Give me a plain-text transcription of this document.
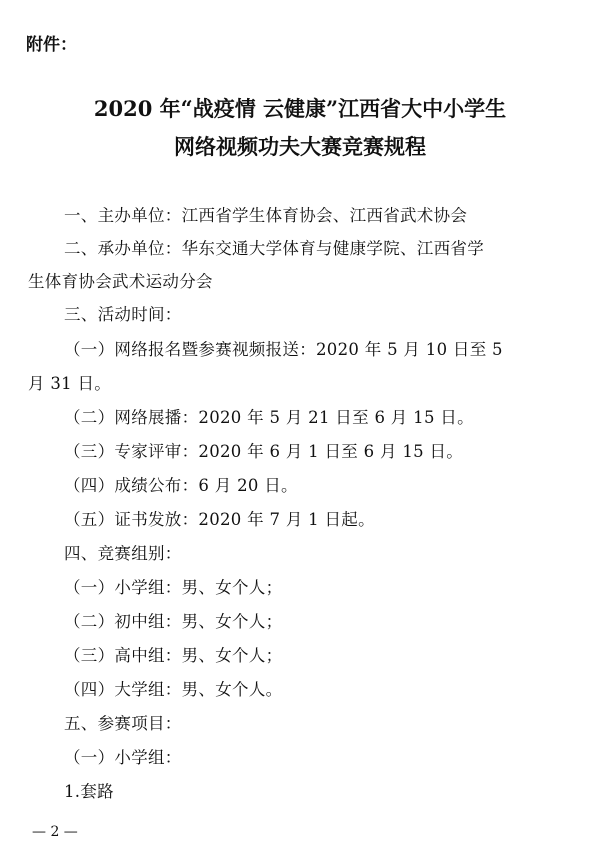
附件：
2020 年“战疫情 云健康”江西省大中小学生
网络视频功夫大赛竞赛规程
一、主办单位：江西省学生体育协会、江西省武术协会
二、承办单位：华东交通大学体育与健康学院、江西省学
生体育协会武术运动分会
三、活动时间：
（一）网络报名暨参赛视频报送：2020 年 5 月 10 日至 5
月 31 日。
（二）网络展播：2020 年 5 月 21 日至 6 月 15 日。
（三）专家评审：2020 年 6 月 1 日至 6 月 15 日。
（四）成绩公布：6 月 20 日。
（五）证书发放：2020 年 7 月 1 日起。
四、竞赛组别：
（一）小学组：男、女个人；
（二）初中组：男、女个人；
（三）高中组：男、女个人；
（四）大学组：男、女个人。
五、参赛项目：
（一）小学组：
1.套路
— 2 —
